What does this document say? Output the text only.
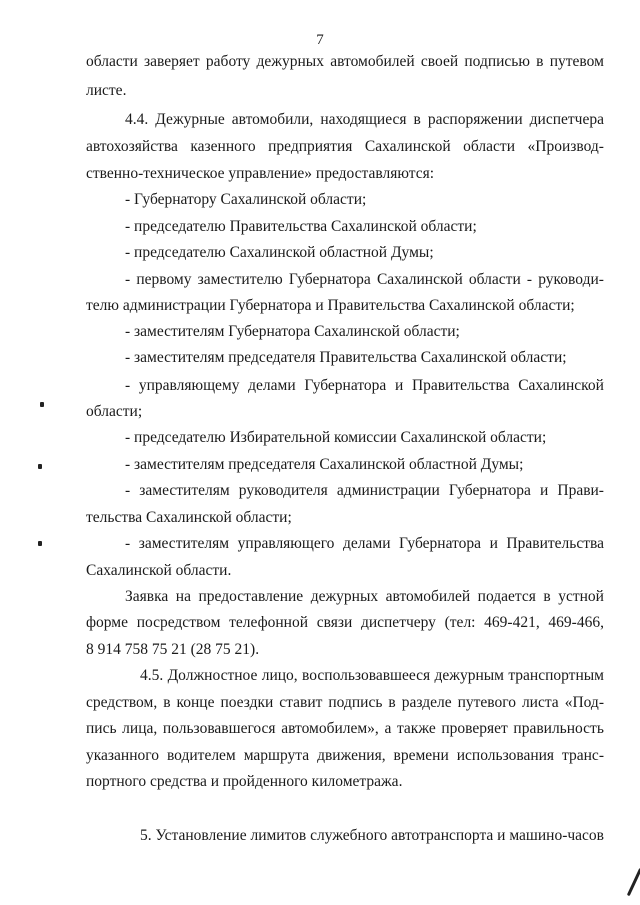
7
области заверяет работу дежурных автомобилей своей подписью в путевом
листе.
4.4. Дежурные автомобили, находящиеся в распоряжении диспетчера
автохозяйства казенного предприятия Сахалинской области «Производ-
ственно-техническое управление» предоставляются:
- Губернатору Сахалинской области;
- председателю Правительства Сахалинской области;
- председателю Сахалинской областной Думы;
- первому заместителю Губернатора Сахалинской области - руководи-
телю администрации Губернатора и Правительства Сахалинской области;
- заместителям Губернатора Сахалинской области;
- заместителям председателя Правительства Сахалинской области;
- управляющему делами Губернатора и Правительства Сахалинской
области;
- председателю Избирательной комиссии Сахалинской области;
- заместителям председателя Сахалинской областной Думы;
- заместителям руководителя администрации Губернатора и Прави-
тельства Сахалинской области;
- заместителям управляющего делами Губернатора и Правительства
Сахалинской области.
Заявка на предоставление дежурных автомобилей подается в устной
форме посредством телефонной связи диспетчеру (тел: 469-421, 469-466,
8 914 758 75 21 (28 75 21).
4.5. Должностное лицо, воспользовавшееся дежурным транспортным
средством, в конце поездки ставит подпись в разделе путевого листа «Под-
пись лица, пользовавшегося автомобилем», а также проверяет правильность
указанного водителем маршрута движения, времени использования транс-
портного средства и пройденного километража.
5. Установление лимитов служебного автотранспорта и машино-часов
